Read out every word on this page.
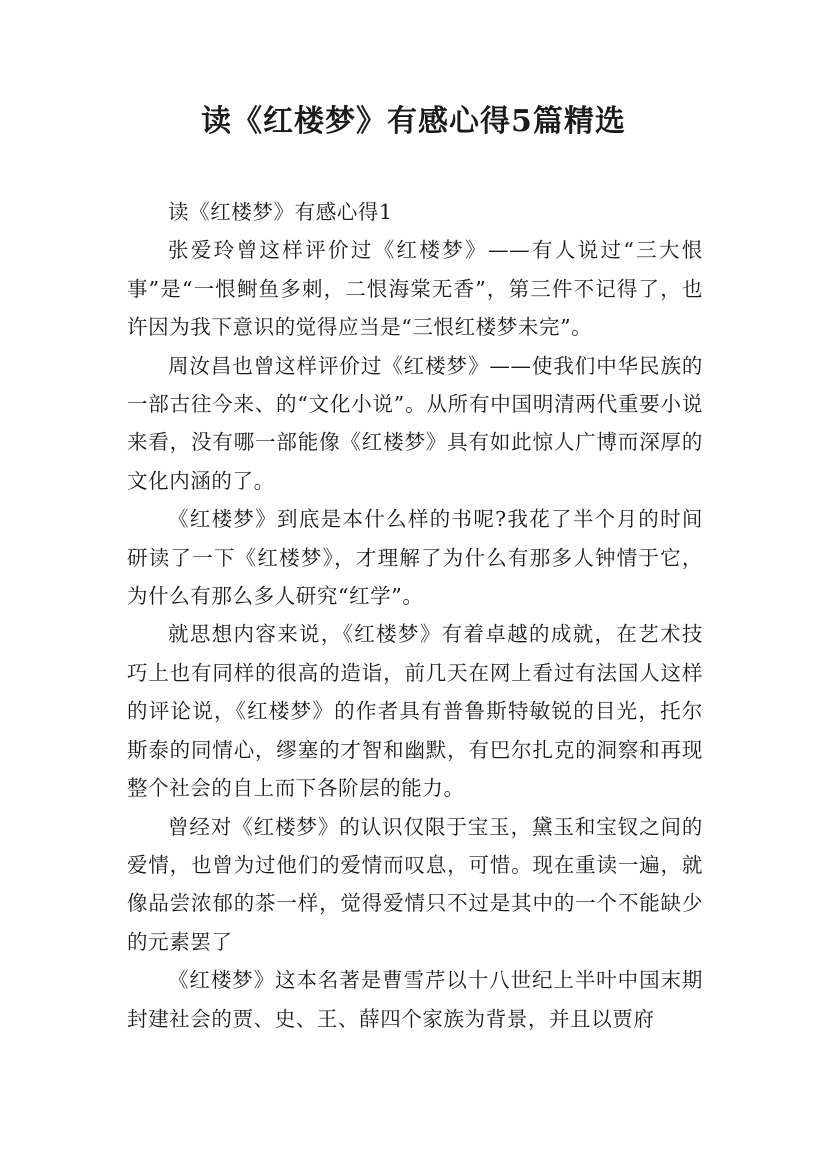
读《红楼梦》有感心得5篇精选

读《红楼梦》有感心得1

张爱玲曾这样评价过《红楼梦》——有人说过“三大恨事”是“一恨鲥鱼多刺，二恨海棠无香”，第三件不记得了，也许因为我下意识的觉得应当是“三恨红楼梦未完”。

周汝昌也曾这样评价过《红楼梦》——使我们中华民族的一部古往今来、的“文化小说”。从所有中国明清两代重要小说来看，没有哪一部能像《红楼梦》具有如此惊人广博而深厚的文化内涵的了。

《红楼梦》到底是本什么样的书呢?我花了半个月的时间研读了一下《红楼梦》，才理解了为什么有那多人钟情于它，为什么有那么多人研究“红学”。

就思想内容来说，《红楼梦》有着卓越的成就，在艺术技巧上也有同样的很高的造诣，前几天在网上看过有法国人这样的评论说，《红楼梦》的作者具有普鲁斯特敏锐的目光，托尔斯泰的同情心，缪塞的才智和幽默，有巴尔扎克的洞察和再现整个社会的自上而下各阶层的能力。

曾经对《红楼梦》的认识仅限于宝玉，黛玉和宝钗之间的爱情，也曾为过他们的爱情而叹息，可惜。现在重读一遍，就像品尝浓郁的茶一样，觉得爱情只不过是其中的一个不能缺少的元素罢了

《红楼梦》这本名著是曹雪芹以十八世纪上半叶中国末期封建社会的贾、史、王、薛四个家族为背景，并且以贾府
